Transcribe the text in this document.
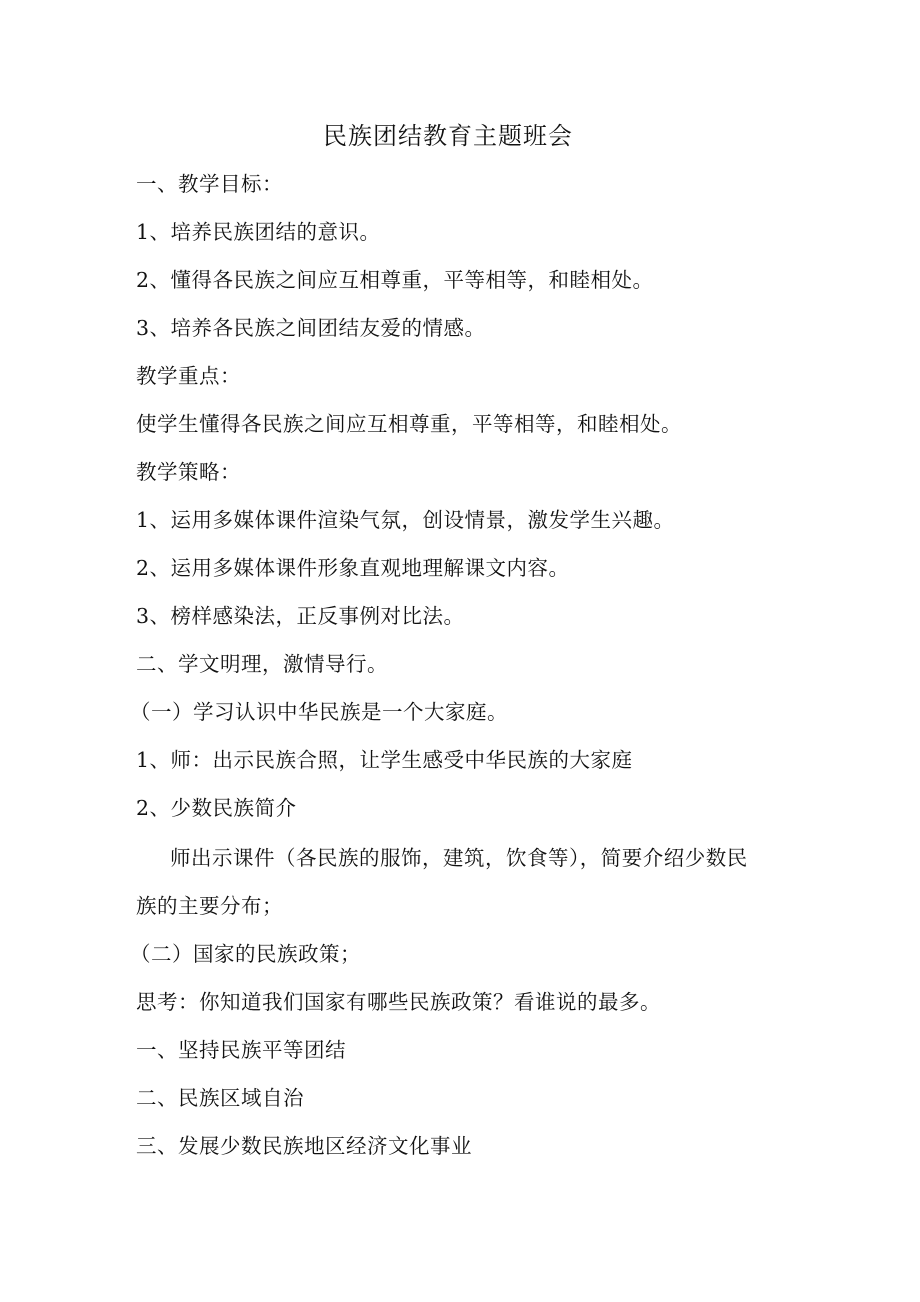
民族团结教育主题班会
一、教学目标：
1、培养民族团结的意识。
2、懂得各民族之间应互相尊重，平等相等，和睦相处。
3、培养各民族之间团结友爱的情感。
教学重点：
使学生懂得各民族之间应互相尊重，平等相等，和睦相处。
教学策略：
1、运用多媒体课件渲染气氛，创设情景，激发学生兴趣。
2、运用多媒体课件形象直观地理解课文内容。
3、榜样感染法，正反事例对比法。
二、学文明理，激情导行。
（一）学习认识中华民族是一个大家庭。
1、师：出示民族合照，让学生感受中华民族的大家庭
2、少数民族简介
师出示课件（各民族的服饰，建筑，饮食等），简要介绍少数民
族的主要分布；
（二）国家的民族政策；
思考：你知道我们国家有哪些民族政策？看谁说的最多。
一、坚持民族平等团结
二、民族区域自治
三、发展少数民族地区经济文化事业
